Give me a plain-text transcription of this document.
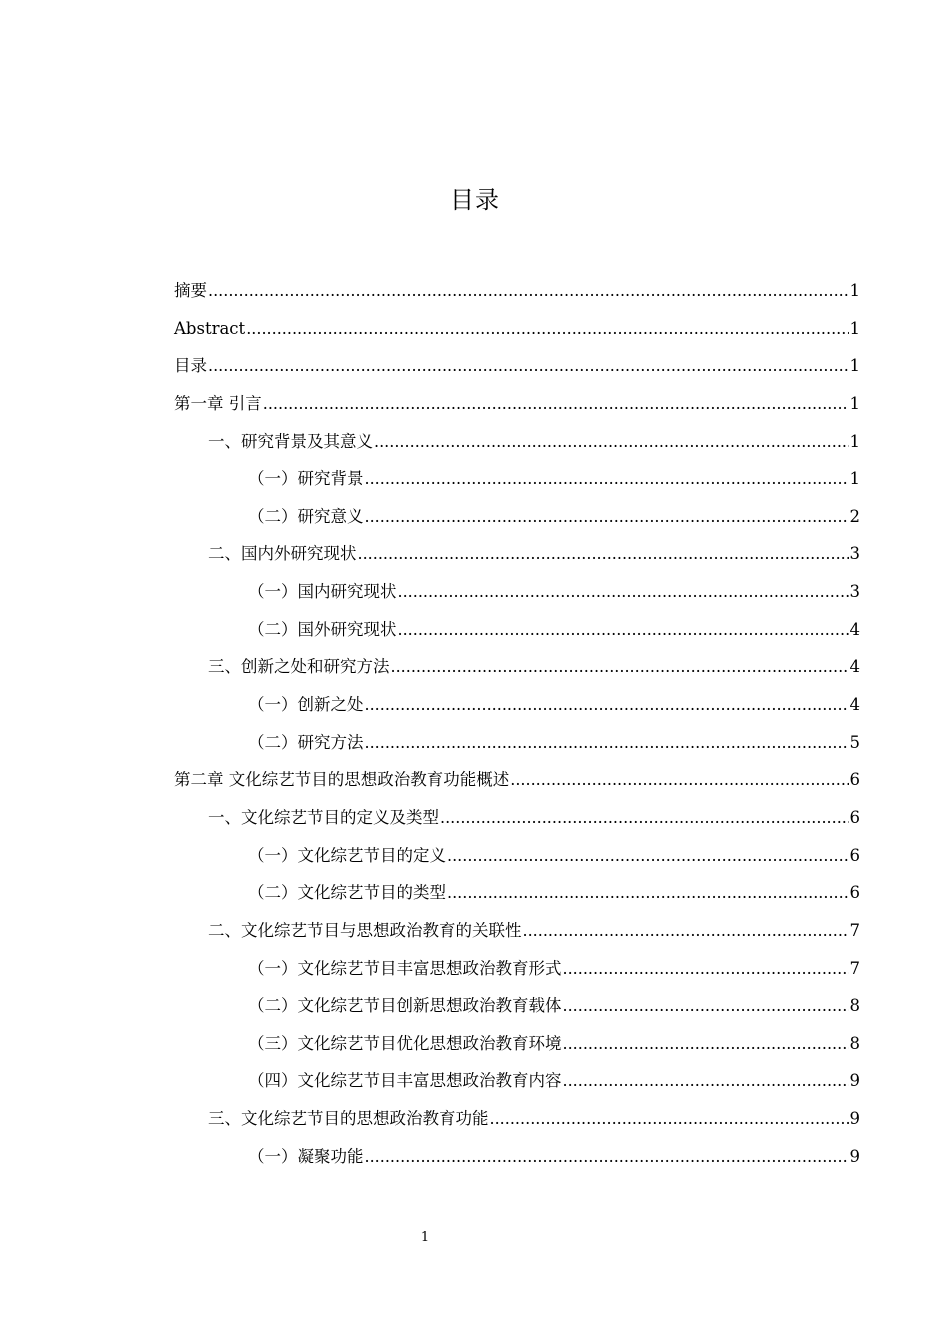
目录
摘要 .....	1
Abstract .....	1
目录 .....	1
第一章 引言 .....	1
一、研究背景及其意义 .....	1
（一） 研究背景 .....	1
（二） 研究意义 .....	2
二、国内外研究现状 .....	3
（一） 国内研究现状 .....	3
（二） 国外研究现状 .....	4
三、创新之处和研究方法 .....	4
（一） 创新之处 .....	4
（二） 研究方法 .....	5
第二章 文化综艺节目的思想政治教育功能概述 .....	6
一、文化综艺节目的定义及类型 .....	6
（一） 文化综艺节目的定义 .....	6
（二） 文化综艺节目的类型 .....	6
二、文化综艺节目与思想政治教育的关联性 .....	7
（一） 文化综艺节目丰富思想政治教育形式 .....	7
（二） 文化综艺节目创新思想政治教育载体 .....	8
（三） 文化综艺节目优化思想政治教育环境 .....	8
（四） 文化综艺节目丰富思想政治教育内容 .....	9
三、文化综艺节目的思想政治教育功能 .....	9
（一） 凝聚功能 .....	9
1
